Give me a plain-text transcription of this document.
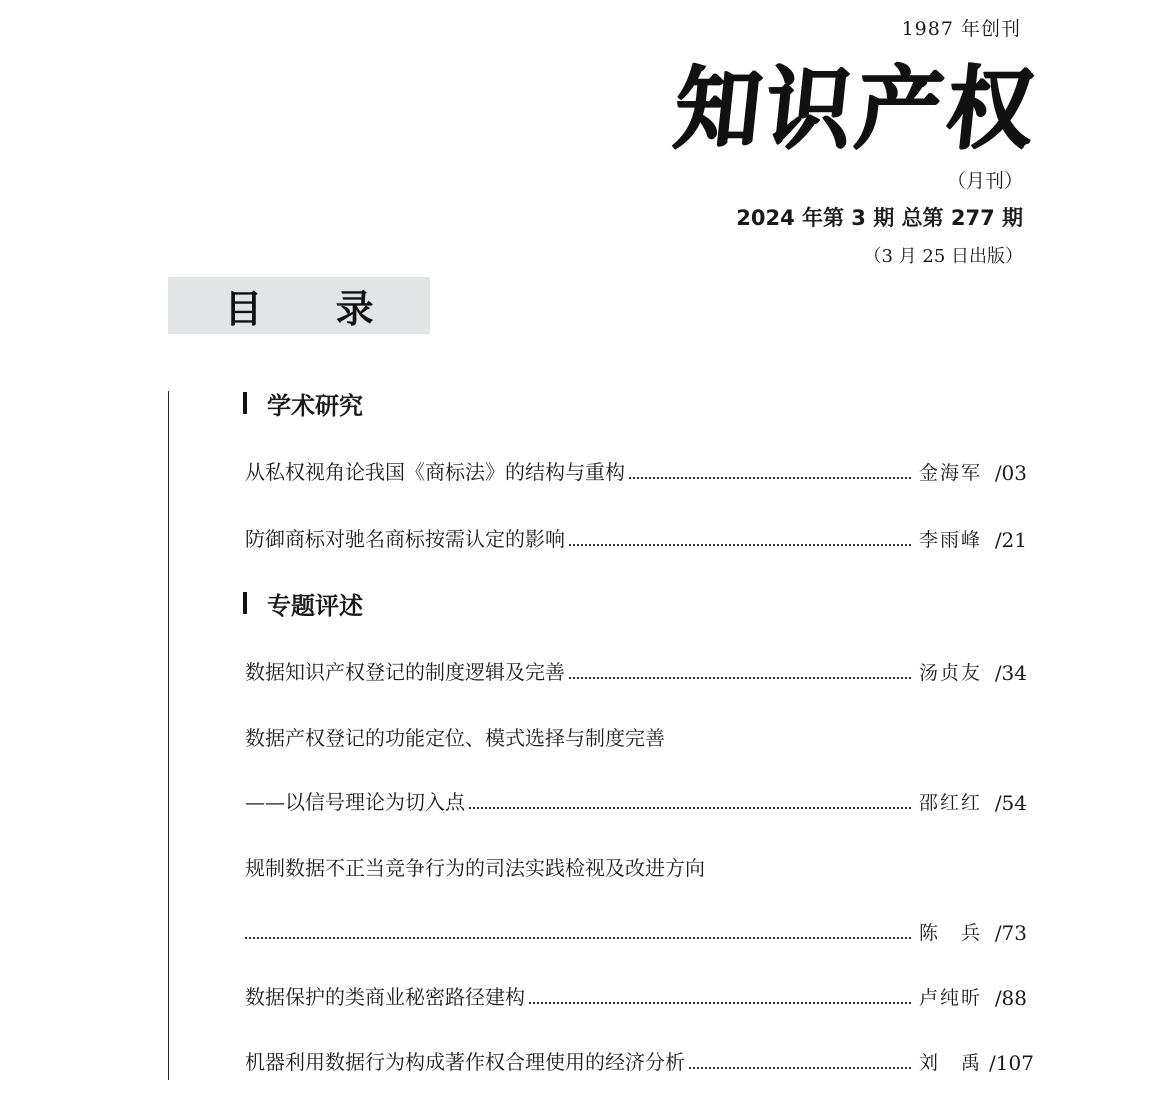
1987 年创刊
知
识
产
权
（月刊）
2024 年第 3 期 总第 277 期
（3 月 25 日出版）
目 录
学术研究
从私权视角论我国《商标法》的结构与重构	金海军 /03
防御商标对驰名商标按需认定的影响	李雨峰 /21
专题评述
数据知识产权登记的制度逻辑及完善	汤贞友 /34
数据产权登记的功能定位、模式选择与制度完善
——以信号理论为切入点	邵红红 /54
规制数据不正当竞争行为的司法实践检视及改进方向
陈　兵 /73
数据保护的类商业秘密路径建构	卢纯昕 /88
机器利用数据行为构成著作权合理使用的经济分析	刘　禹 /107
